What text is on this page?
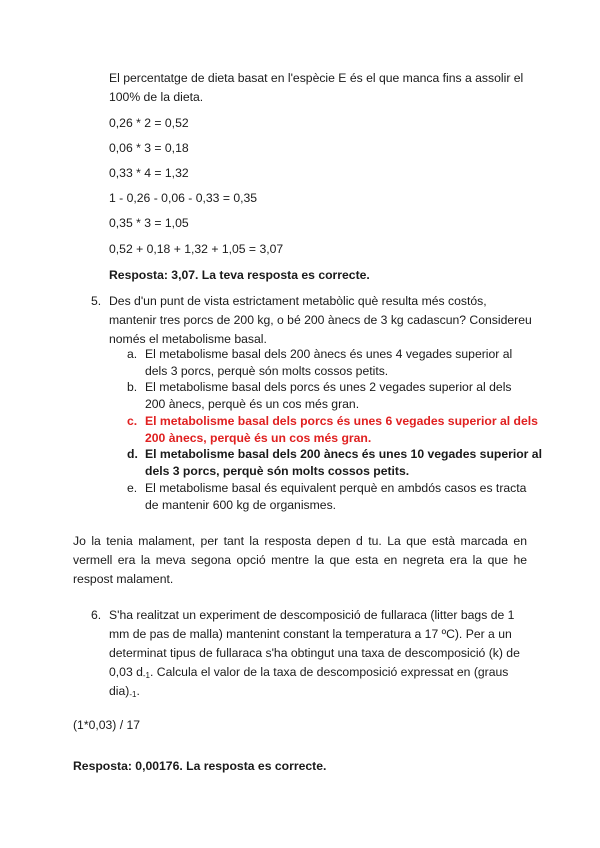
El percentatge de dieta basat en l'espècie E és el que manca fins a assolir el

100% de la dieta.

0,26 * 2 = 0,52

0,06 * 3 = 0,18

0,33 * 4 = 1,32

1 - 0,26 - 0,06 - 0,33 = 0,35

0,35 * 3 = 1,05

0,52 + 0,18 + 1,32 + 1,05 = 3,07

Resposta: 3,07. La teva resposta es correcte.

5. Des d'un punt de vista estrictament metabòlic què resulta més costós,

mantenir tres porcs de 200 kg, o bé 200 ànecs de 3 kg cadascun? Considereu

només el metabolisme basal.

a. El metabolisme basal dels 200 ànecs és unes 4 vegades superior al

dels 3 porcs, perquè són molts cossos petits.

b. El metabolisme basal dels porcs és unes 2 vegades superior al dels

200 ànecs, perquè és un cos més gran.

c. El metabolisme basal dels porcs és unes 6 vegades superior al dels

200 ànecs, perquè és un cos més gran.

d. El metabolisme basal dels 200 ànecs és unes 10 vegades superior al

dels 3 porcs, perquè són molts cossos petits.

e. El metabolisme basal és equivalent perquè en ambdós casos es tracta

de mantenir 600 kg de organismes.

Jo la tenia malament, per tant la resposta depen d tu. La que està marcada en

vermell era la meva segona opció mentre la que esta en negreta era la que he

respost malament.

6. S'ha realitzat un experiment de descomposició de fullaraca (litter bags de 1

mm de pas de malla) mantenint constant la temperatura a 17 ºC). Per a un

determinat tipus de fullaraca s'ha obtingut una taxa de descomposició (k) de

0,03 $d_{-1}$. Calcula el valor de la taxa de descomposició expressat en (graus

$dia)_{-1}$.

(1*0,03) / 17

Resposta: 0,00176. La resposta es correcte.
